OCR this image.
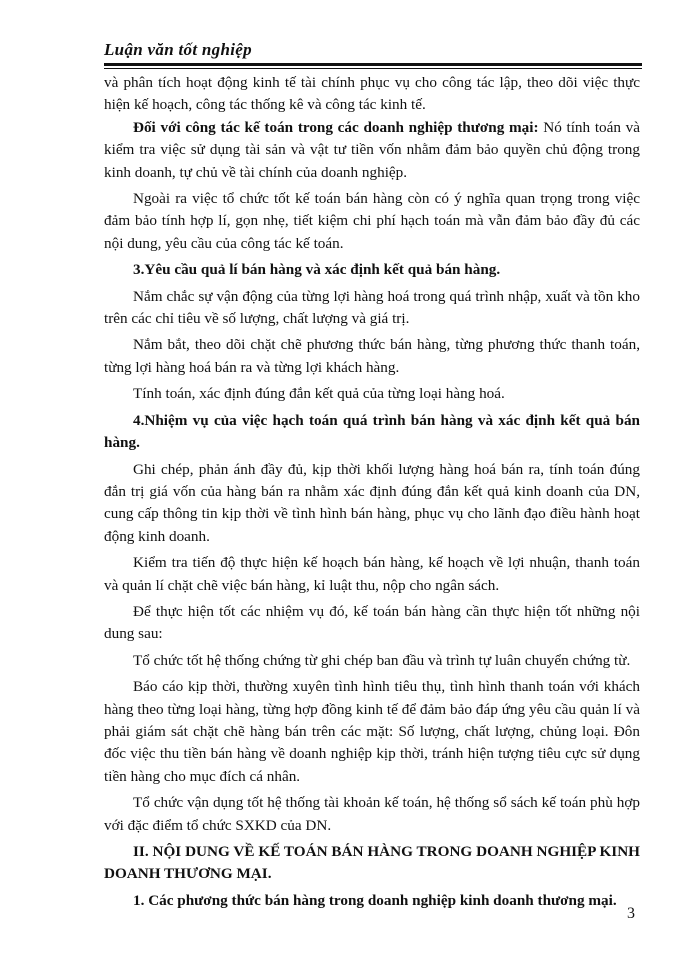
Luận văn tốt nghiệp

và phân tích hoạt động kinh tế tài chính phục vụ cho công tác lập, theo dõi việc thực hiện kế hoạch, công tác thống kê và công tác kinh tế.

Đối với công tác kế toán trong các doanh nghiệp thương mại: Nó tính toán và kiểm tra việc sử dụng tài sản và vật tư tiền vốn nhằm đảm bảo quyền chủ động trong kinh doanh, tự chủ về tài chính của doanh nghiệp.

Ngoài ra việc tổ chức tốt kế toán bán hàng còn có ý nghĩa quan trọng trong việc đảm bảo tính hợp lí, gọn nhẹ, tiết kiệm chi phí hạch toán mà vẫn đảm bảo đầy đủ các nội dung, yêu cầu của công tác kế toán.

3.Yêu cầu quả lí bán hàng và xác định kết quả bán hàng.

Nắm chắc sự vận động của từng lợi hàng hoá trong quá trình nhập, xuất và tồn kho trên các chỉ tiêu về số lượng, chất lượng và giá trị.

Nắm bắt, theo dõi chặt chẽ phương thức bán hàng, từng phương thức thanh toán, từng lợi hàng hoá bán ra và từng lợi khách hàng.

Tính toán, xác định đúng đắn kết quả của từng loại hàng hoá.

4.Nhiệm vụ của việc hạch toán quá trình bán hàng và xác định kết quả bán hàng.

Ghi chép, phản ánh đầy đủ, kịp thời khối lượng hàng hoá bán ra, tính toán đúng đắn trị giá vốn của hàng bán ra nhằm xác định đúng đắn kết quả kinh doanh của DN, cung cấp thông tin kịp thời về tình hình bán hàng, phục vụ cho lãnh đạo điều hành hoạt động kinh doanh.

Kiểm tra tiến độ thực hiện kế hoạch bán hàng, kế hoạch về lợi nhuận, thanh toán và quản lí chặt chẽ việc bán hàng, kỉ luật thu, nộp cho ngân sách.

Để thực hiện tốt các nhiệm vụ đó, kế toán bán hàng cần thực hiện tốt những nội dung sau:

Tổ chức tốt hệ thống chứng từ ghi chép ban đầu và trình tự luân chuyển chứng từ.

Báo cáo kịp thời, thường xuyên tình hình tiêu thụ, tình hình thanh toán với khách hàng theo từng loại hàng, từng hợp đồng kinh tế để đảm bảo đáp ứng yêu cầu quản lí và phải giám sát chặt chẽ hàng bán trên các mặt: Số lượng, chất lượng, chủng loại. Đôn đốc việc thu tiền bán hàng về doanh nghiệp kịp thời, tránh hiện tượng tiêu cực sử dụng tiền hàng cho mục đích cá nhân.

Tổ chức vận dụng tốt hệ thống tài khoản kế toán, hệ thống sổ sách kế toán phù hợp với đặc điểm tổ chức SXKD của DN.

II. NỘI DUNG VỀ KẾ TOÁN BÁN HÀNG TRONG DOANH NGHIỆP KINH DOANH THƯƠNG MẠI.

1. Các phương thức bán hàng trong doanh nghiệp kinh doanh thương mại.

3
